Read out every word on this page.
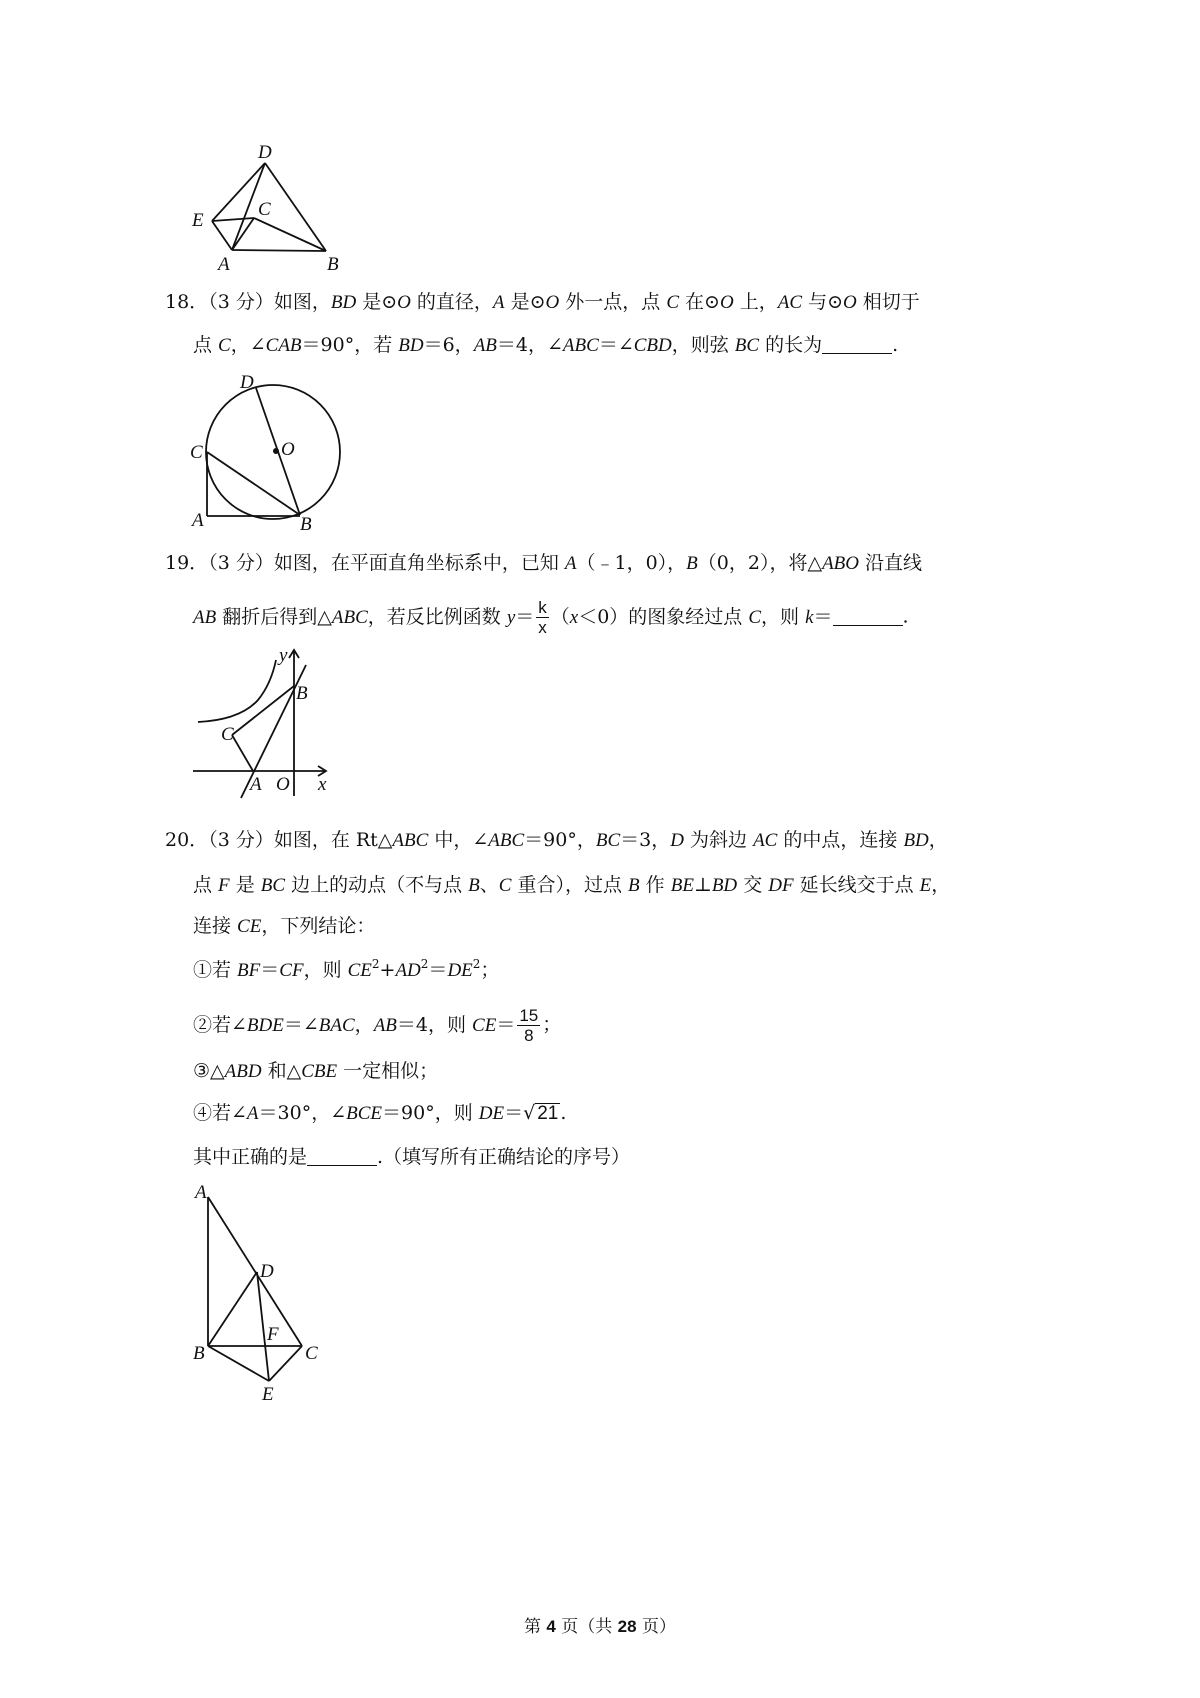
D
E
C
A	B
18．（3 分）如图，BD 是⊙O 的直径，A 是⊙O 外一点，点 C 在⊙O 上，AC 与⊙O 相切于
点 C，∠CAB＝90°，若 BD＝6，AB＝4，∠ABC＝∠CBD，则弦 BC 的长为	.
D
O
C
A	B
19．（3 分）如图，在平面直角坐标系中，已知 A（﹣1，0），B（0，2），将△ABO 沿直线
AB 翻折后得到△ABC，若反比例函数 $y= \frac{k}{x} (x<0)$的图象经过点 C，则 k＝	.
y
B
C
A O x
20．（3 分）如图，在 Rt△ABC 中，∠ABC＝90°，BC＝3，D 为斜边 AC 的中点，连接 BD，
点 F 是 BC 边上的动点（不与点 B、C 重合），过点 B 作 BE⊥BD 交 DF 延长线交于点 E，
连接 CE，下列结论：
①若 BF＝CF，则 $CE^2+AD^2=DE^2$；
②若∠BDE＝∠BAC，AB＝4，则 $CE= \frac{15}{8}$ ；
③△ABD 和△CBE 一定相似；
④若∠A＝30°，∠BCE＝90°，则 DE＝√ 21 .
其中正确的是	.（填写所有正确结论的序号）
A
D
F
B	C
E
第 4 页（共 28 页）
